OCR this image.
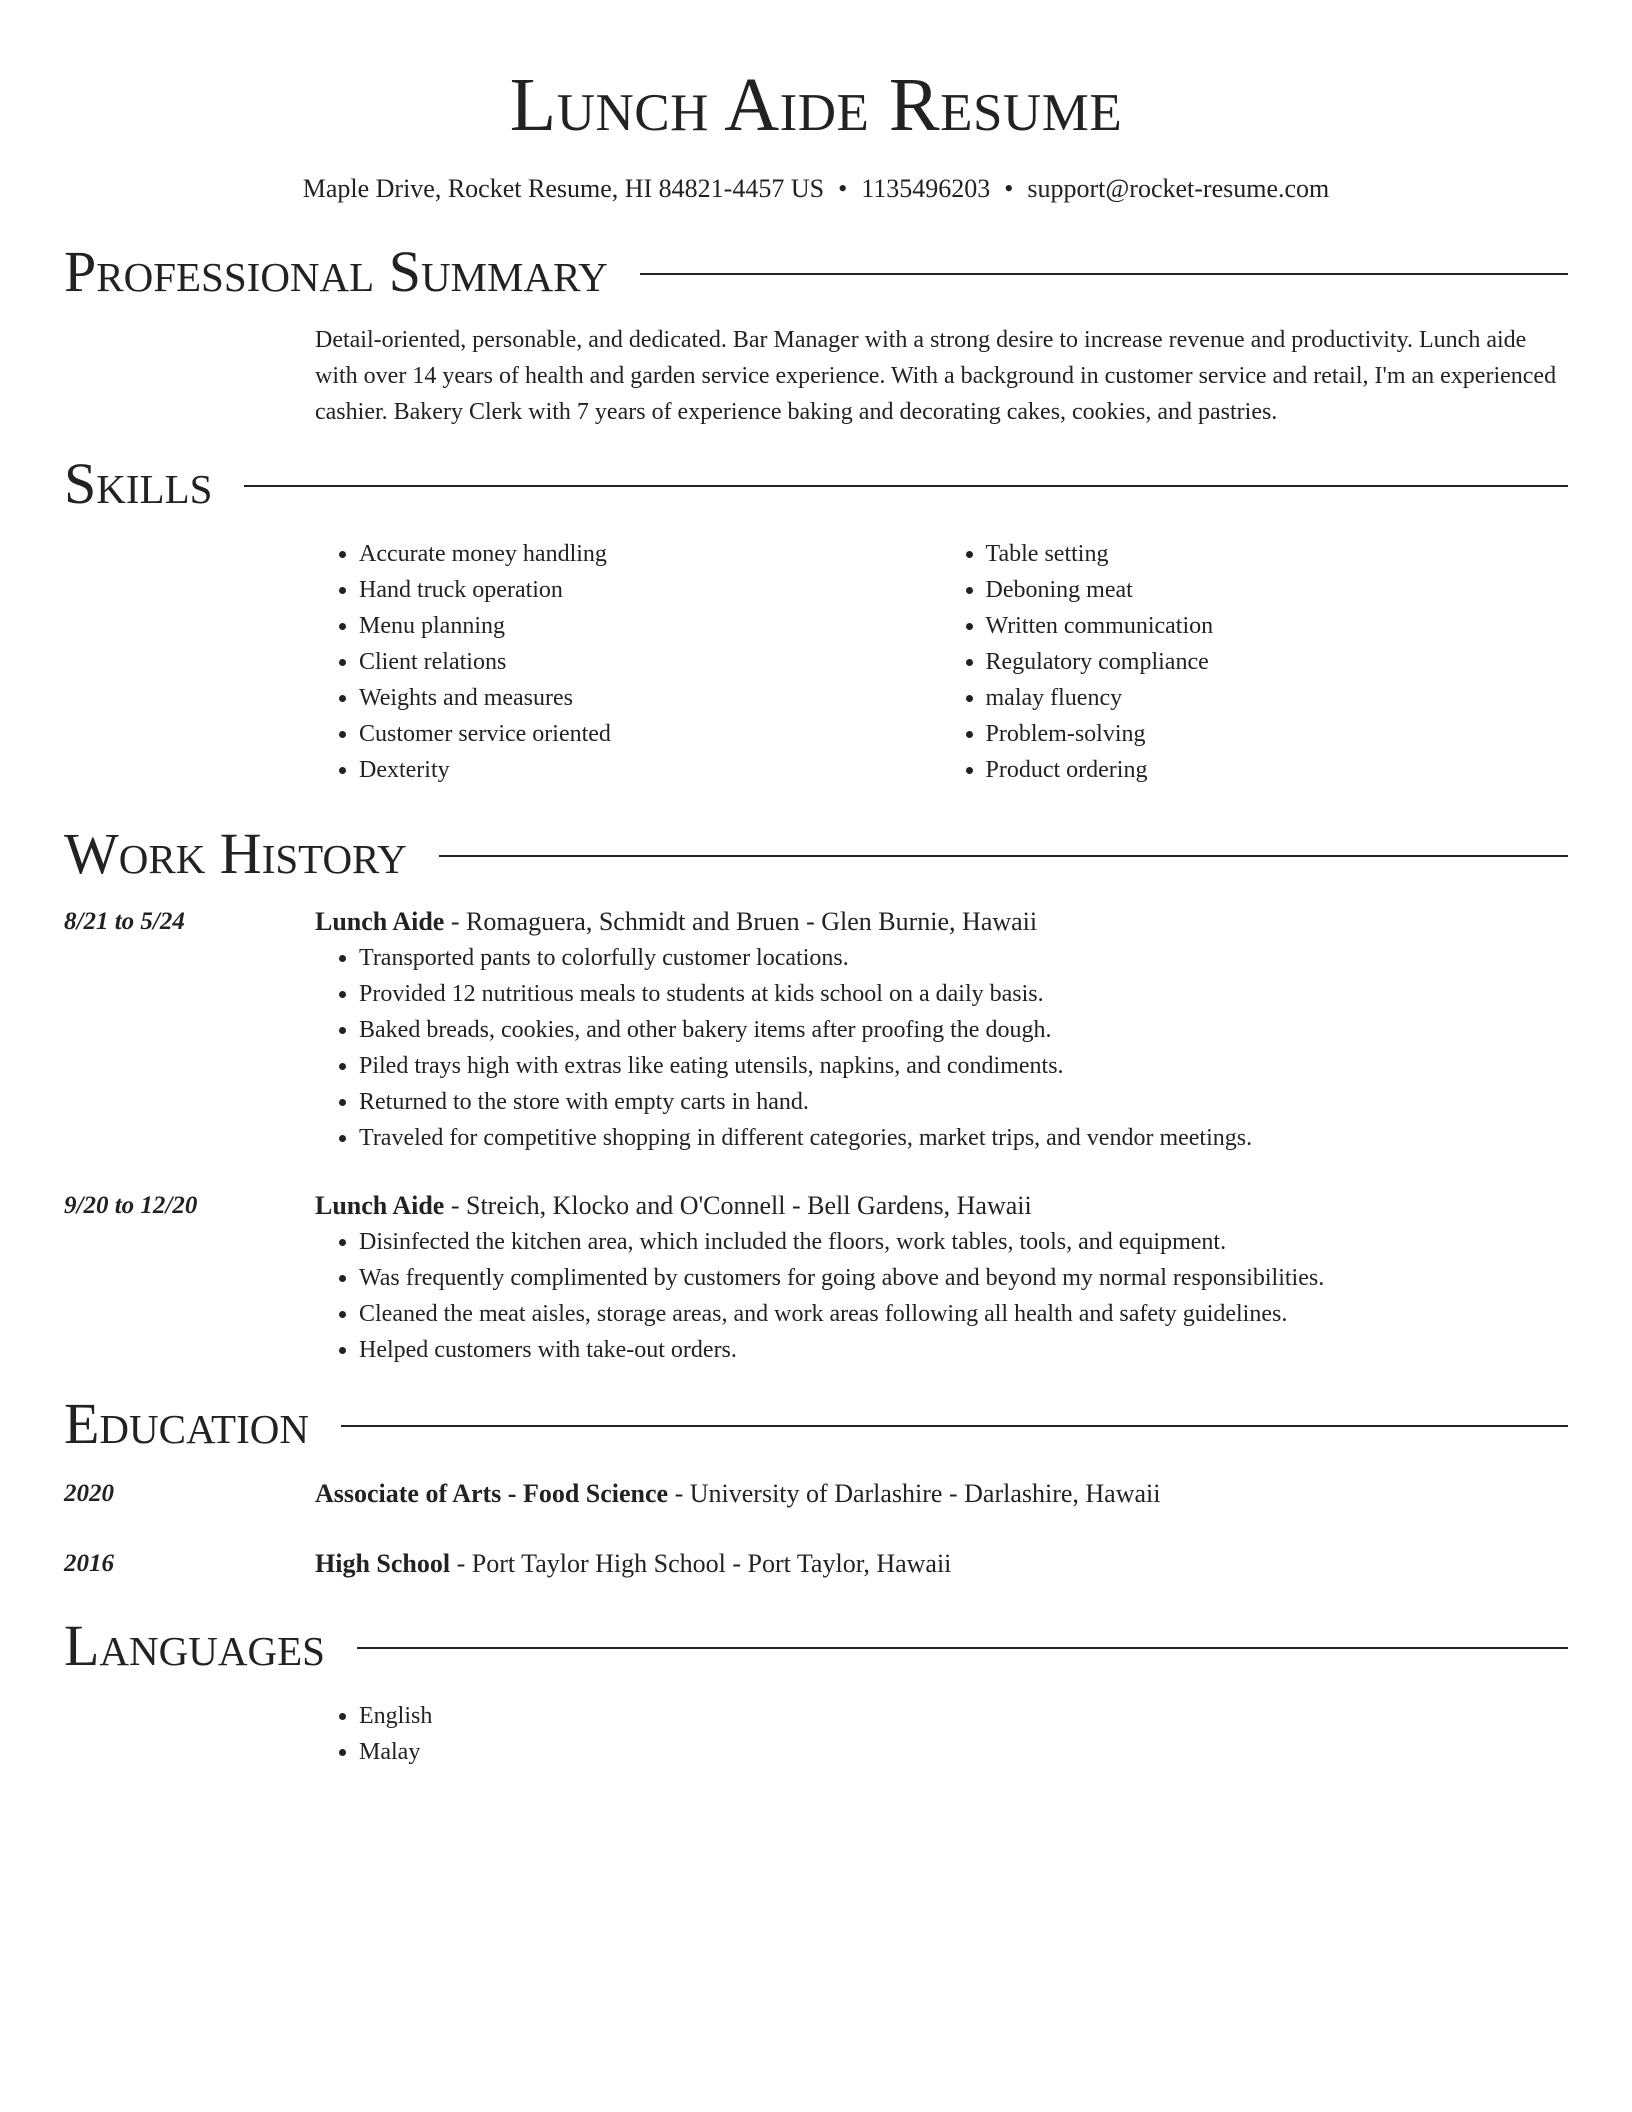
Lunch Aide Resume
Maple Drive, Rocket Resume, HI 84821-4457 US • 1135496203 • support@rocket-resume.com
Professional Summary
Detail-oriented, personable, and dedicated. Bar Manager with a strong desire to increase revenue and productivity. Lunch aide with over 14 years of health and garden service experience. With a background in customer service and retail, I'm an experienced cashier. Bakery Clerk with 7 years of experience baking and decorating cakes, cookies, and pastries.
Skills
• Accurate money handling
• Hand truck operation
• Menu planning
• Client relations
• Weights and measures
• Customer service oriented
• Dexterity
• Table setting
• Deboning meat
• Written communication
• Regulatory compliance
• malay fluency
• Problem-solving
• Product ordering
Work History
8/21 to 5/24	Lunch Aide - Romaguera, Schmidt and Bruen - Glen Burnie, Hawaii
• Transported pants to colorfully customer locations.
• Provided 12 nutritious meals to students at kids school on a daily basis.
• Baked breads, cookies, and other bakery items after proofing the dough.
• Piled trays high with extras like eating utensils, napkins, and condiments.
• Returned to the store with empty carts in hand.
• Traveled for competitive shopping in different categories, market trips, and vendor meetings.
9/20 to 12/20	Lunch Aide - Streich, Klocko and O'Connell - Bell Gardens, Hawaii
• Disinfected the kitchen area, which included the floors, work tables, tools, and equipment.
• Was frequently complimented by customers for going above and beyond my normal responsibilities.
• Cleaned the meat aisles, storage areas, and work areas following all health and safety guidelines.
• Helped customers with take-out orders.
Education
2020	Associate of Arts - Food Science - University of Darlashire - Darlashire, Hawaii
2016	High School - Port Taylor High School - Port Taylor, Hawaii
Languages
• English
• Malay
